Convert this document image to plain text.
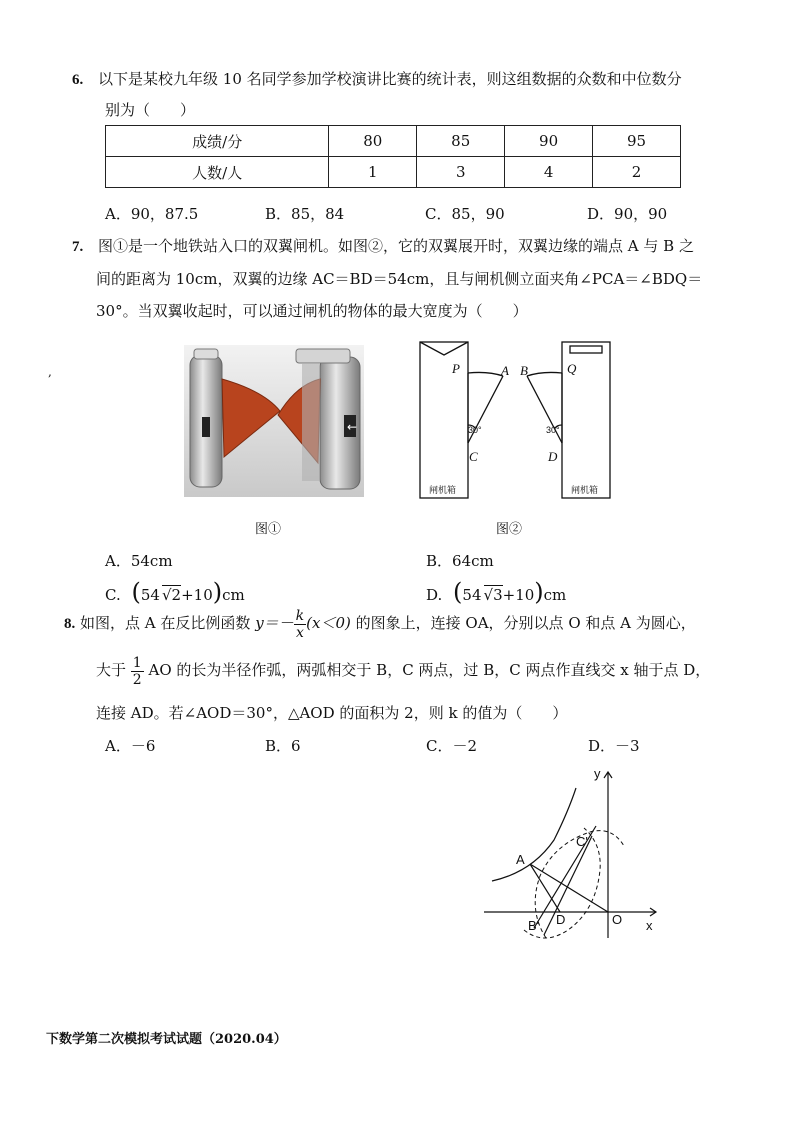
6. 以下是某校九年级 10 名同学参加学校演讲比赛的统计表，则这组数据的众数和中位数分
别为（　　）
成绩/分	80	85	90	95
人数/人	1	3	4	2
A．90，87.5	B．85，84	C．85，90	D．90，90
7. 图①是一个地铁站入口的双翼闸机。如图②，它的双翼展开时，双翼边缘的端点 A 与 B 之
间的距离为 10cm，双翼的边缘 AC＝BD＝54cm，且与闸机侧立面夹角∠PCA＝∠BDQ＝
30°。当双翼收起时，可以通过闸机的物体的最大宽度为（　　）
,
←
图①
P	A B	Q
C	D
30°	30°
闸机箱	闸机箱
图②
A．54cm	B．64cm
C. (54 √2+10)cm	D. (54 √3+10)cm
8. 如图，点 A 在反比例函数 $y=- \frac{k}{x} (x<0)$ 的图象上，连接 OA，分别以点 O 和点 A 为圆心，
大于 $\frac{1}{2}$ AO 的长为半径作弧，两弧相交于 B，C 两点，过 B，C 两点作直线交 x 轴于点 D，
连接 AD。若∠AOD＝30°，△AOD 的面积为 2，则 k 的值为（　　）
A．－6	B．6	C．－2	D．－3
y
x
A
B'
C'
D	O
下数学第二次模拟考试试题（2020.04）
